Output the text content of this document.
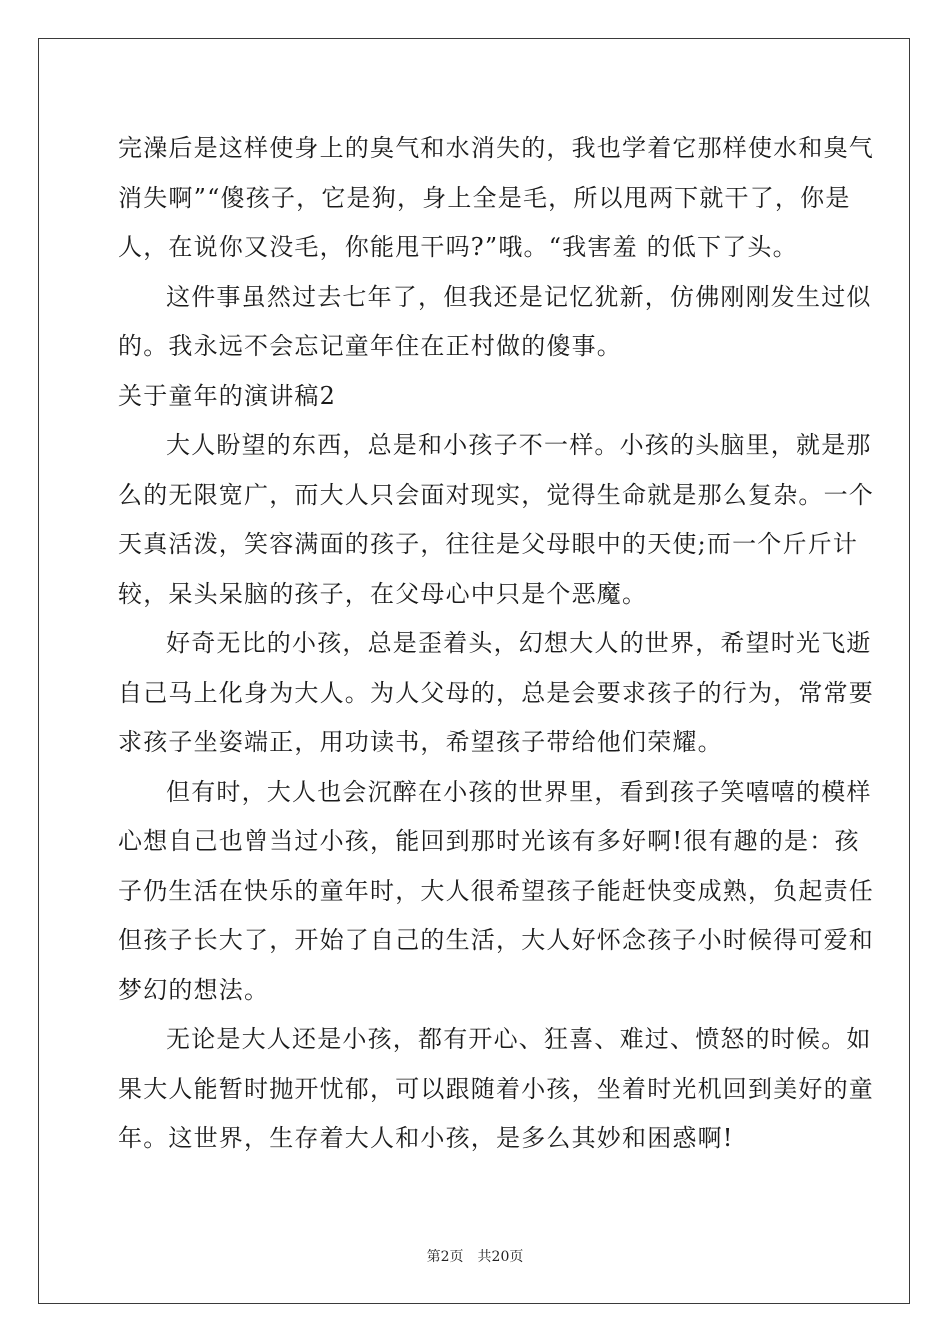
完澡后是这样使身上的臭气和水消失的，我也学着它那样使水和臭气
消失啊”“傻孩子，它是狗，身上全是毛，所以甩两下就干了，你是
人，在说你又没毛，你能甩干吗?”哦。“我害羞 的低下了头。
这件事虽然过去七年了，但我还是记忆犹新，仿佛刚刚发生过似
的。我永远不会忘记童年住在正村做的傻事。
关于童年的演讲稿2
大人盼望的东西，总是和小孩子不一样。小孩的头脑里，就是那
么的无限宽广，而大人只会面对现实，觉得生命就是那么复杂。一个
天真活泼，笑容满面的孩子，往往是父母眼中的天使;而一个斤斤计
较，呆头呆脑的孩子，在父母心中只是个恶魔。
好奇无比的小孩，总是歪着头，幻想大人的世界，希望时光飞逝
自己马上化身为大人。为人父母的，总是会要求孩子的行为，常常要
求孩子坐姿端正，用功读书，希望孩子带给他们荣耀。
但有时，大人也会沉醉在小孩的世界里，看到孩子笑嘻嘻的模样
心想自己也曾当过小孩，能回到那时光该有多好啊!很有趣的是：孩
子仍生活在快乐的童年时，大人很希望孩子能赶快变成熟，负起责任
但孩子长大了，开始了自己的生活，大人好怀念孩子小时候得可爱和
梦幻的想法。
无论是大人还是小孩，都有开心、狂喜、难过、愤怒的时候。如
果大人能暂时抛开忧郁，可以跟随着小孩，坐着时光机回到美好的童
年。这世界，生存着大人和小孩，是多么其妙和困惑啊!
第2页　共20页
